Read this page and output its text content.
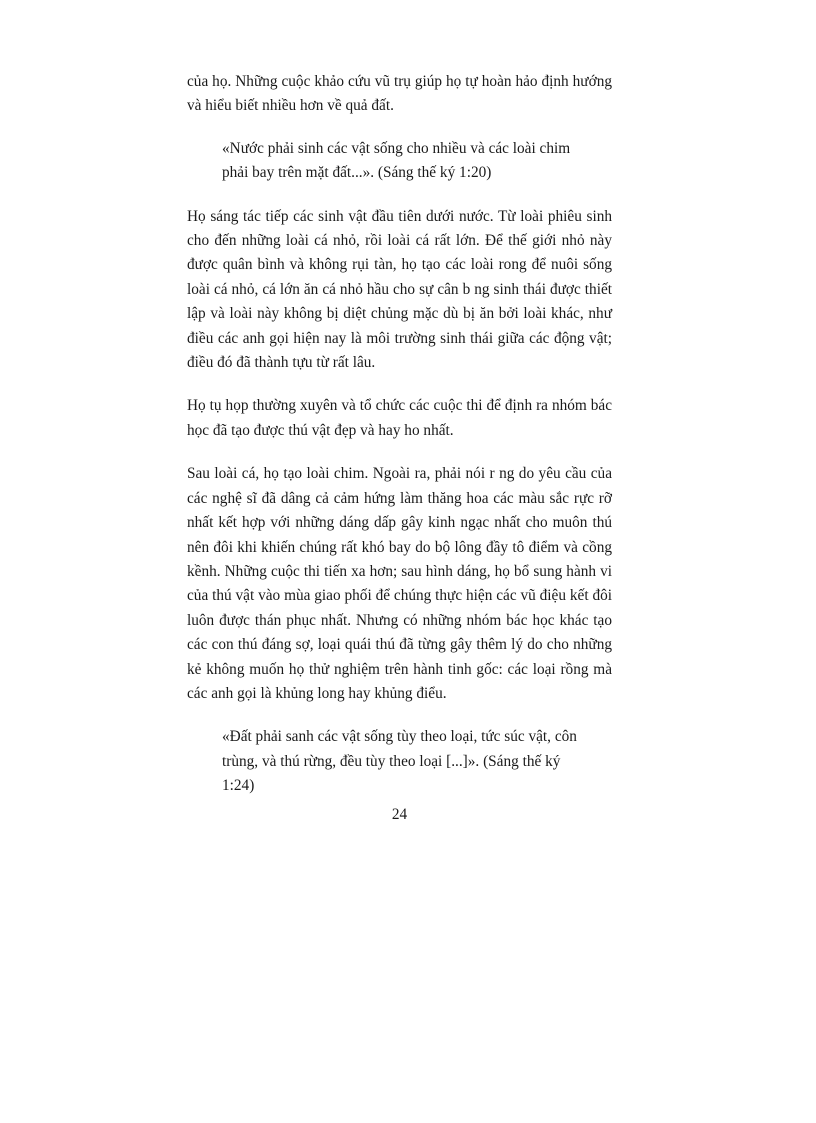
của họ. Những cuộc khảo cứu vũ trụ giúp họ tự hoàn hảo định hướng và hiểu biết nhiều hơn về quả đất.

«Nước phải sinh các vật sống cho nhiều và các loài chim phải bay trên mặt đất...». (Sáng thế ký 1:20)

Họ sáng tác tiếp các sinh vật đầu tiên dưới nước. Từ loài phiêu sinh cho đến những loài cá nhỏ, rồi loài cá rất lớn. Để thế giới nhỏ này được quân bình và không rụi tàn, họ tạo các loài rong để nuôi sống loài cá nhỏ, cá lớn ăn cá nhỏ hầu cho sự cân b ng sinh thái được thiết lập và loài này không bị diệt chủng mặc dù bị ăn bởi loài khác, như điều các anh gọi hiện nay là môi trường sinh thái giữa các động vật; điều đó đã thành tựu từ rất lâu.

Họ tụ họp thường xuyên và tổ chức các cuộc thi để định ra nhóm bác học đã tạo được thú vật đẹp và hay ho nhất.

Sau loài cá, họ tạo loài chim. Ngoài ra, phải nói r ng do yêu cầu của các nghệ sĩ đã dâng cả cảm hứng làm thăng hoa các màu sắc rực rỡ nhất kết hợp với những dáng dấp gây kinh ngạc nhất cho muôn thú nên đôi khi khiến chúng rất khó bay do bộ lông đầy tô điểm và cồng kềnh. Những cuộc thi tiến xa hơn; sau hình dáng, họ bổ sung hành vi của thú vật vào mùa giao phối để chúng thực hiện các vũ điệu kết đôi luôn được thán phục nhất. Nhưng có những nhóm bác học khác tạo các con thú đáng sợ, loại quái thú đã từng gây thêm lý do cho những kẻ không muốn họ thử nghiệm trên hành tinh gốc: các loại rồng mà các anh gọi là khủng long hay khủng điểu.

«Đất phải sanh các vật sống tùy theo loại, tức súc vật, côn trùng, và thú rừng, đều tùy theo loại [...]». (Sáng thế ký 1:24)

24
